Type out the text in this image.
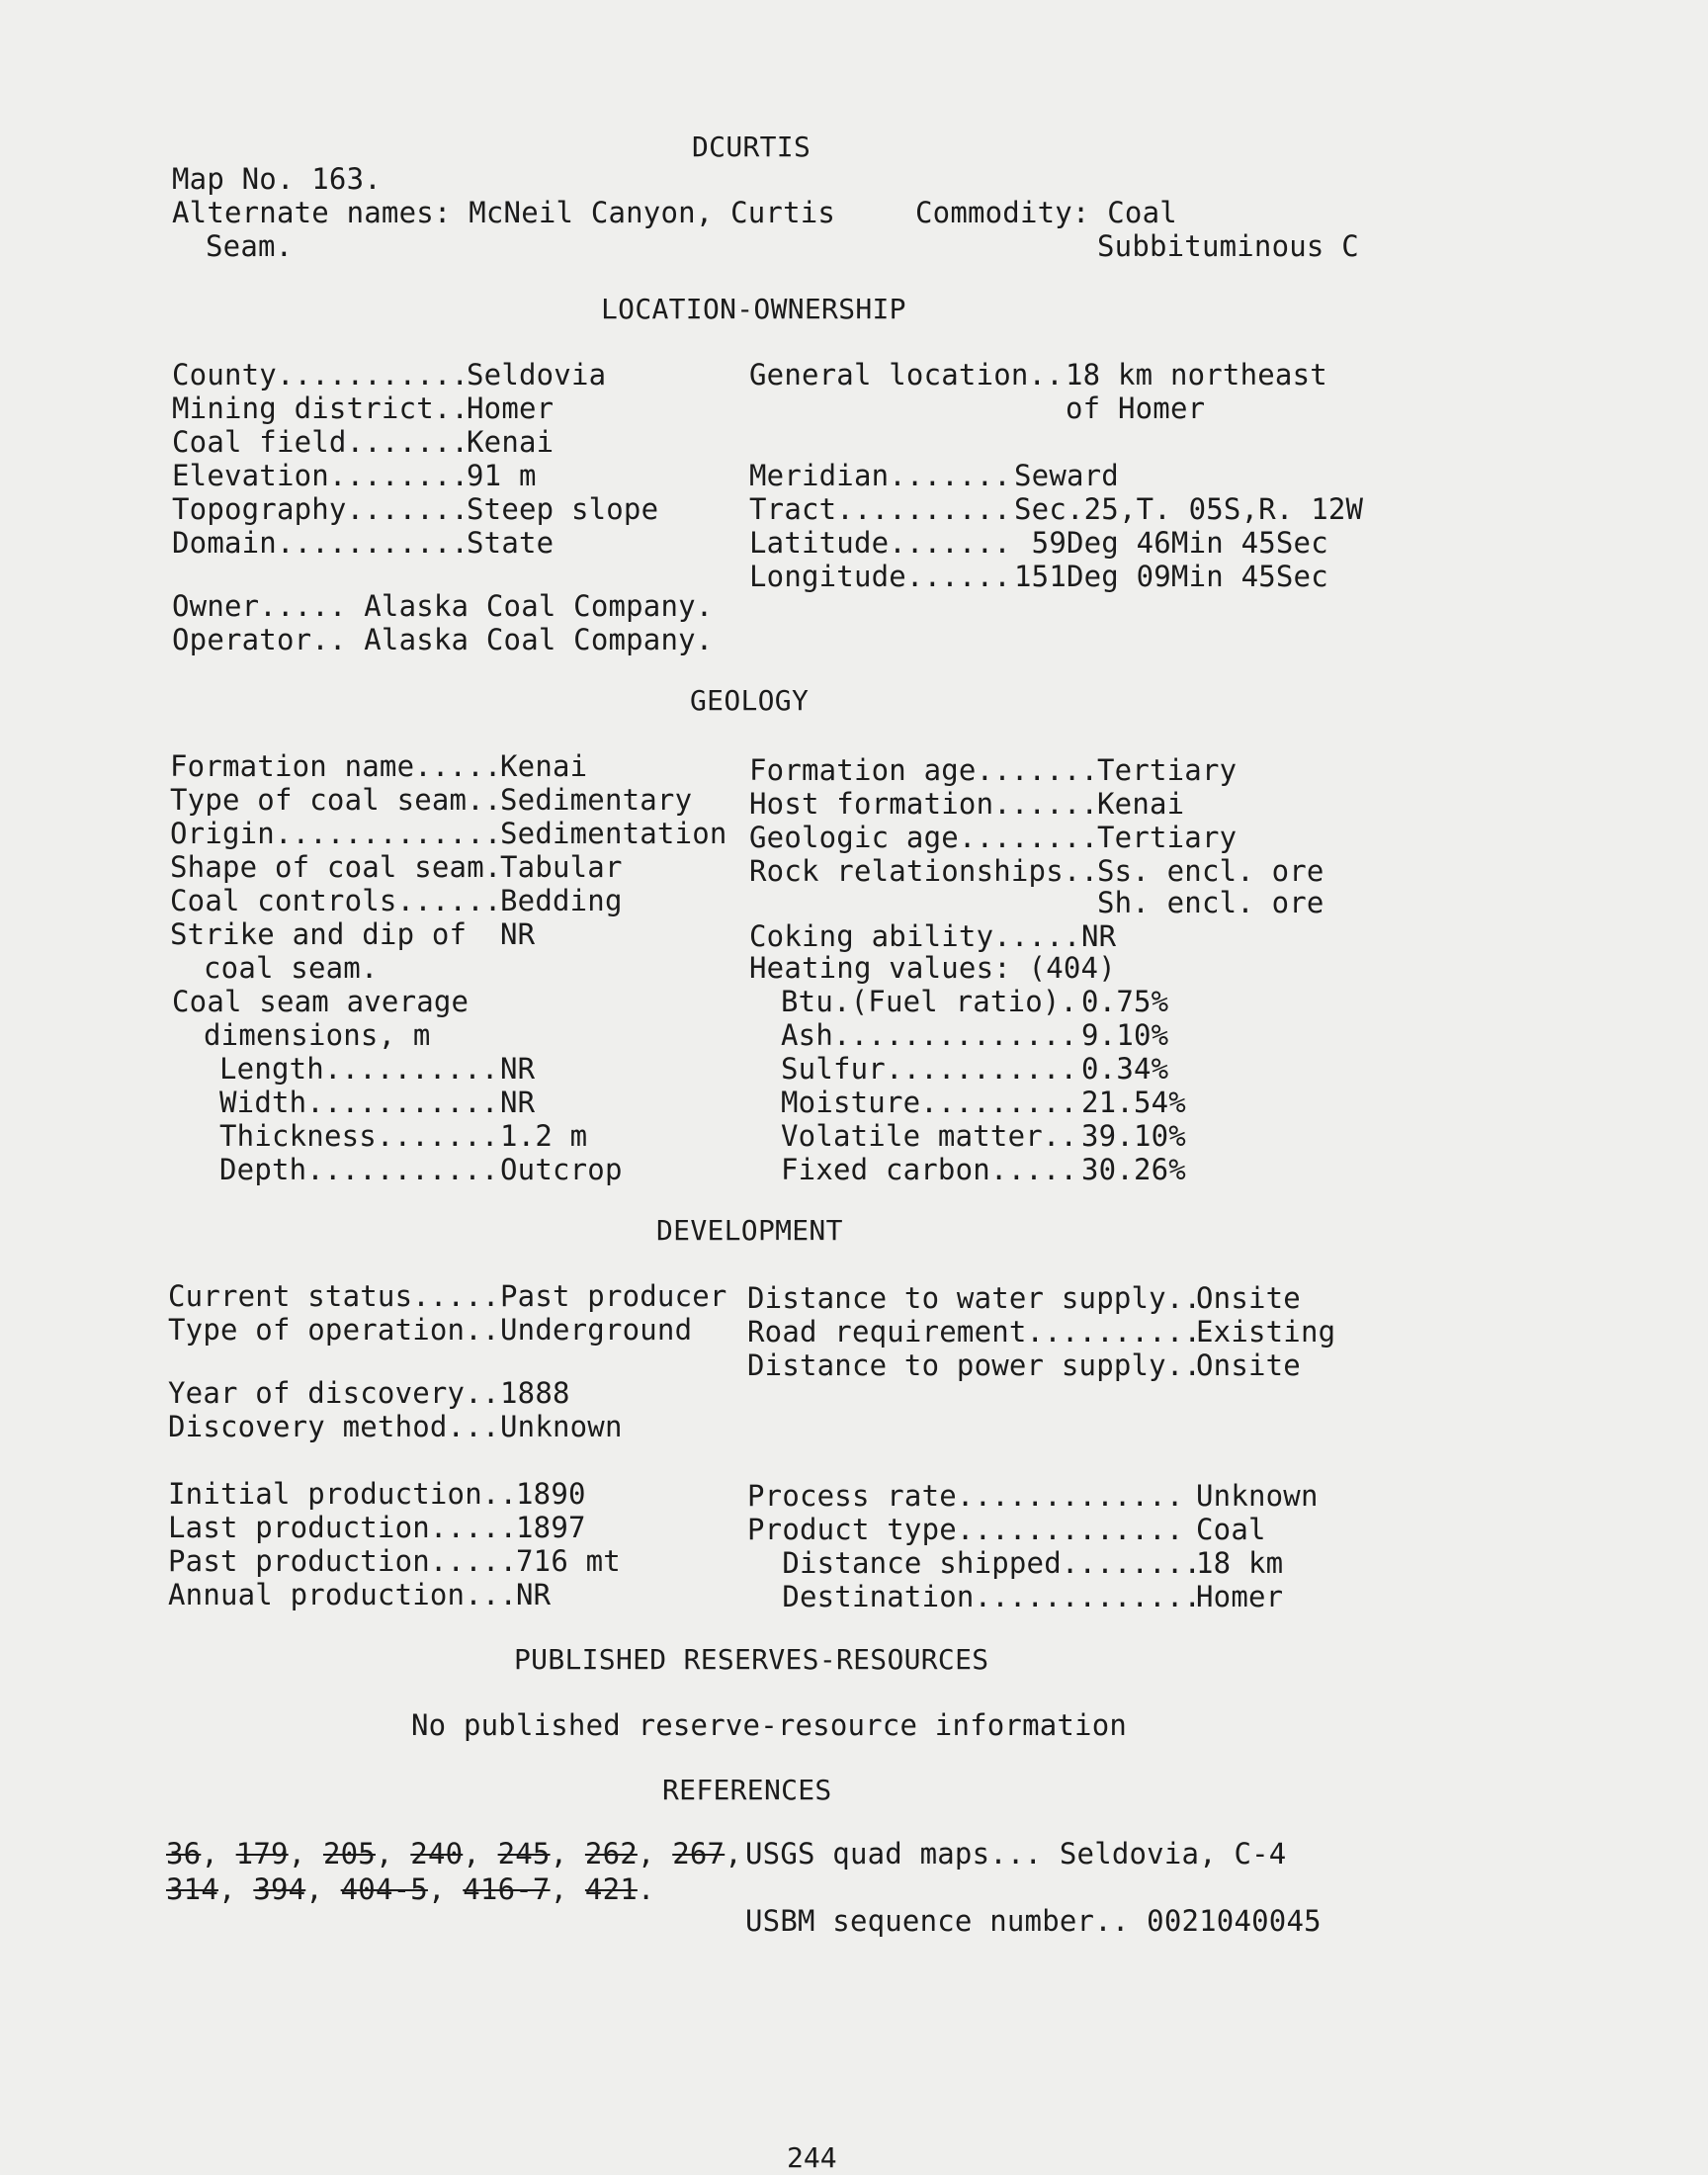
DCURTIS
Map No. 163.
Alternate names: McNeil Canyon, Curtis
Seam.
Commodity: Coal
Subbituminous C
LOCATION-OWNERSHIP
County...........
Seldovia
Mining district..
Homer
Coal field.......
Kenai
Elevation........
91 m
Topography.......
Steep slope
Domain...........
State
General location.. 18 km northeast
of Homer
Meridian....... Seward
Tract.......... Sec.25,T. 05S,R. 12W
Latitude....... 59Deg 46Min 45Sec
Longitude...... 151Deg 09Min 45Sec
Owner..... Alaska Coal Company.
Operator.. Alaska Coal Company.
GEOLOGY
Formation name.....
Kenai
Type of coal seam..
Sedimentary
Origin.............
Sedimentation
Shape of coal seam.
Tabular
Coal controls......
Bedding
Strike and dip of NR
coal seam.
Coal seam average
dimensions, m
Length.......... NR
Width........... NR
Thickness....... 1.2 m
Depth........... Outcrop
Formation age.......
Tertiary
Host formation......
Kenai
Geologic age........
Tertiary
Rock relationships..
Ss. encl. ore
Sh. encl. ore
Coking ability..... NR
Heating values: (404)
Btu.(Fuel ratio). 0.75%
Ash.............. 9.10%
Sulfur........... 0.34%
Moisture......... 21.54%
Volatile matter.. 39.10%
Fixed carbon..... 30.26%
DEVELOPMENT
Current status..... Past producer
Type of operation.. Underground
Distance to water supply..
Onsite
Road requirement..........
Existing
Distance to power supply..
Onsite
Year of discovery.. 1888
Discovery method... Unknown
Initial production..
1890
Last production.....
1897
Past production.....
716 mt
Annual production...
NR
Process rate............. Unknown
Product type............. Coal
Distance shipped........
18 km
Destination.............
Homer
PUBLISHED RESERVES-RESOURCES
No published reserve-resource information
REFERENCES
36, 179, 205, 240, 245, 262, 267,
314, 394, 404-5, 416-7, 421.
USGS quad maps... Seldovia, C-4
USBM sequence number.. 0021040045
244
